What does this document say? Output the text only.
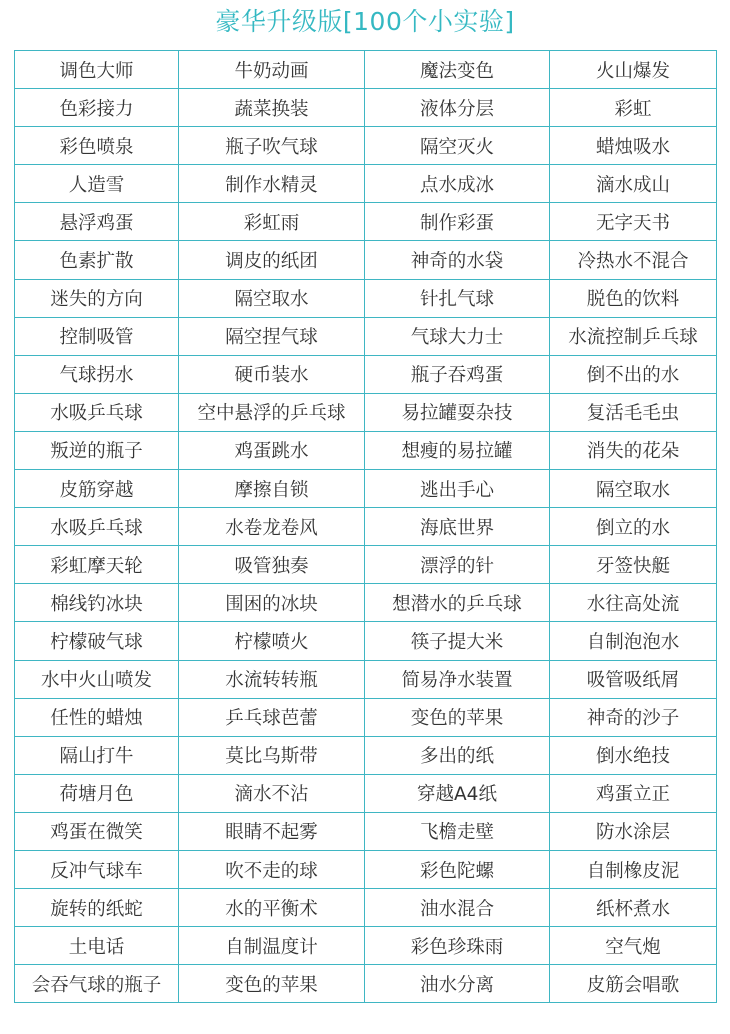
豪华升级版[100个小实验]
调色大师	牛奶动画	魔法变色	火山爆发
色彩接力	蔬菜换装	液体分层	彩虹
彩色喷泉	瓶子吹气球	隔空灭火	蜡烛吸水
人造雪	制作水精灵	点水成冰	滴水成山
悬浮鸡蛋	彩虹雨	制作彩蛋	无字天书
色素扩散	调皮的纸团	神奇的水袋	冷热水不混合
迷失的方向	隔空取水	针扎气球	脱色的饮料
控制吸管	隔空捏气球	气球大力士	水流控制乒乓球
气球拐水	硬币装水	瓶子吞鸡蛋	倒不出的水
水吸乒乓球	空中悬浮的乒乓球	易拉罐耍杂技	复活毛毛虫
叛逆的瓶子	鸡蛋跳水	想瘦的易拉罐	消失的花朵
皮筋穿越	摩擦自锁	逃出手心	隔空取水
水吸乒乓球	水卷龙卷风	海底世界	倒立的水
彩虹摩天轮	吸管独奏	漂浮的针	牙签快艇
棉线钓冰块	围困的冰块	想潜水的乒乓球	水往高处流
柠檬破气球	柠檬喷火	筷子提大米	自制泡泡水
水中火山喷发	水流转转瓶	简易净水装置	吸管吸纸屑
任性的蜡烛	乒乓球芭蕾	变色的苹果	神奇的沙子
隔山打牛	莫比乌斯带	多出的纸	倒水绝技
荷塘月色	滴水不沾	穿越A4纸	鸡蛋立正
鸡蛋在微笑	眼睛不起雾	飞檐走壁	防水涂层
反冲气球车	吹不走的球	彩色陀螺	自制橡皮泥
旋转的纸蛇	水的平衡术	油水混合	纸杯煮水
土电话	自制温度计	彩色珍珠雨	空气炮
会吞气球的瓶子	变色的苹果	油水分离	皮筋会唱歌
